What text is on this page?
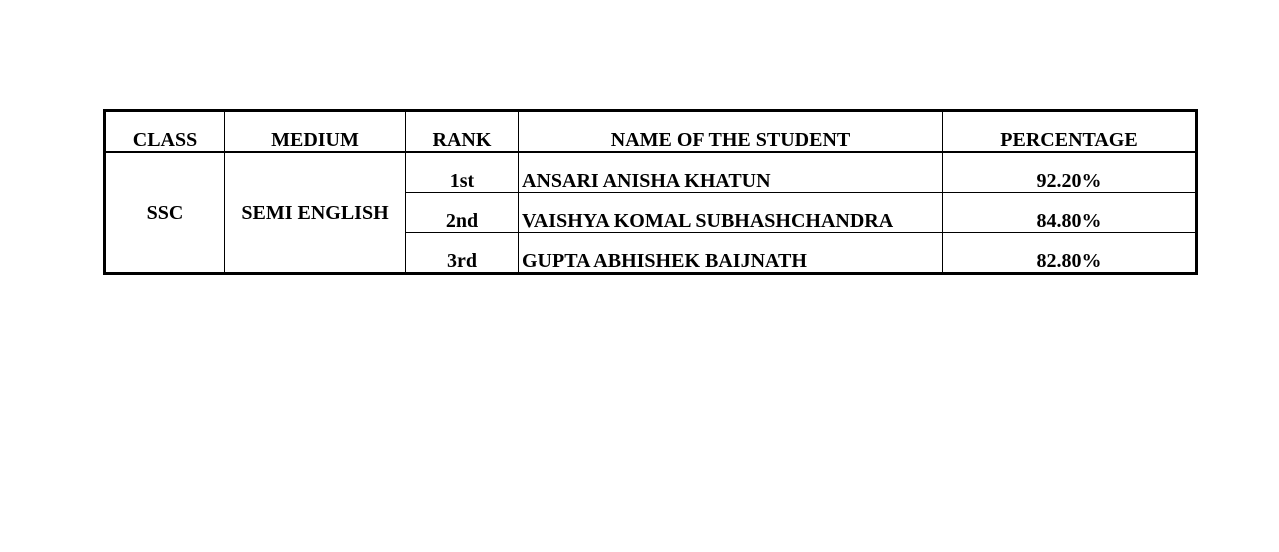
CLASS	MEDIUM	RANK	NAME OF THE STUDENT	PERCENTAGE
SSC	SEMI ENGLISH	1st	ANSARI ANISHA KHATUN	92.20%
		2nd	VAISHYA KOMAL SUBHASHCHANDRA	84.80%
		3rd	GUPTA ABHISHEK BAIJNATH	82.80%
